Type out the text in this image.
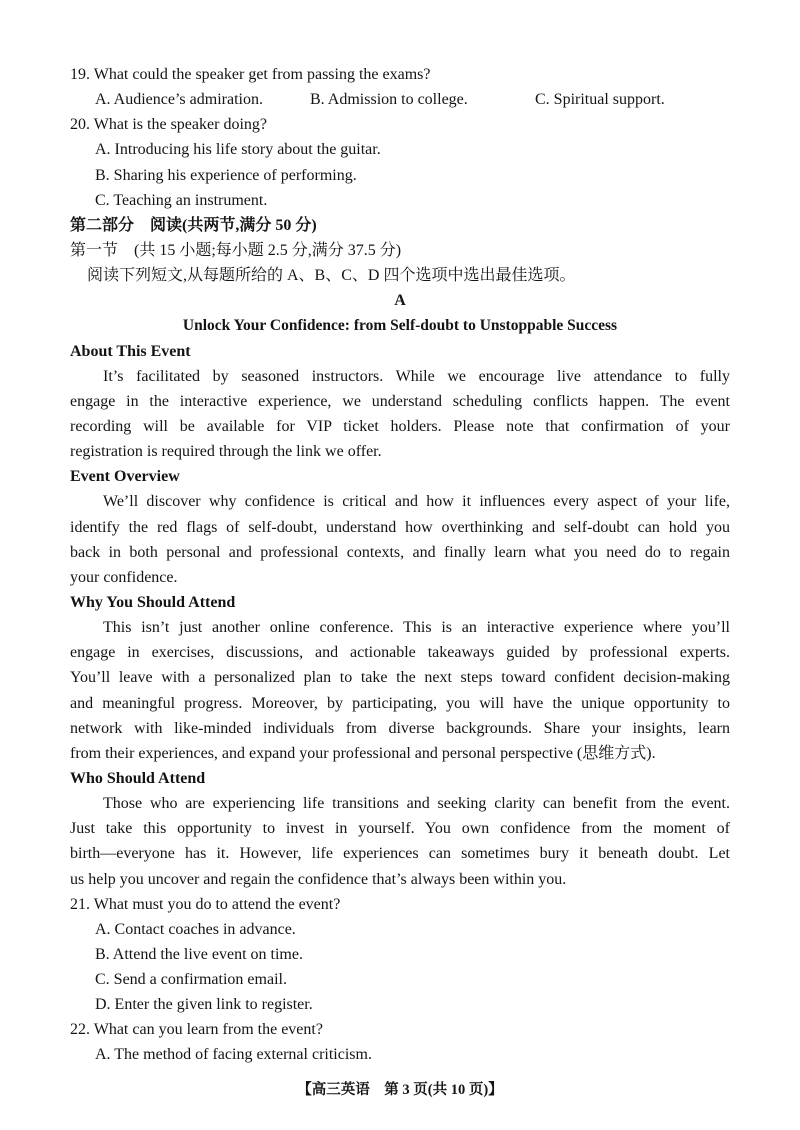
19. What could the speaker get from passing the exams?
A. Audience’s admiration.	B. Admission to college.	C. Spiritual support.
20. What is the speaker doing?
A. Introducing his life story about the guitar.
B. Sharing his experience of performing.
C. Teaching an instrument.
第二部分　阅读(共两节,满分 50 分)
第一节　(共 15 小题;每小题 2.5 分,满分 37.5 分)
阅读下列短文,从每题所给的 A、B、C、D 四个选项中选出最佳选项。
A
Unlock Your Confidence: from Self-doubt to Unstoppable Success
About This Event
It’s facilitated by seasoned instructors. While we encourage live attendance to fully
engage in the interactive experience, we understand scheduling conflicts happen. The event
recording will be available for VIP ticket holders. Please note that confirmation of your
registration is required through the link we offer.
Event Overview
We’ll discover why confidence is critical and how it influences every aspect of your life,
identify the red flags of self-doubt, understand how overthinking and self-doubt can hold you
back in both personal and professional contexts, and finally learn what you need do to regain
your confidence.
Why You Should Attend
This isn’t just another online conference. This is an interactive experience where you’ll
engage in exercises, discussions, and actionable takeaways guided by professional experts.
You’ll leave with a personalized plan to take the next steps toward confident decision-making
and meaningful progress. Moreover, by participating, you will have the unique opportunity to
network with like-minded individuals from diverse backgrounds. Share your insights, learn
from their experiences, and expand your professional and personal perspective (思维方式).
Who Should Attend
Those who are experiencing life transitions and seeking clarity can benefit from the event.
Just take this opportunity to invest in yourself. You own confidence from the moment of
birth—everyone has it. However, life experiences can sometimes bury it beneath doubt. Let
us help you uncover and regain the confidence that’s always been within you.
21. What must you do to attend the event?
A. Contact coaches in advance.
B. Attend the live event on time.
C. Send a confirmation email.
D. Enter the given link to register.
22. What can you learn from the event?
A. The method of facing external criticism.
【高三英语　第 3 页(共 10 页)】
